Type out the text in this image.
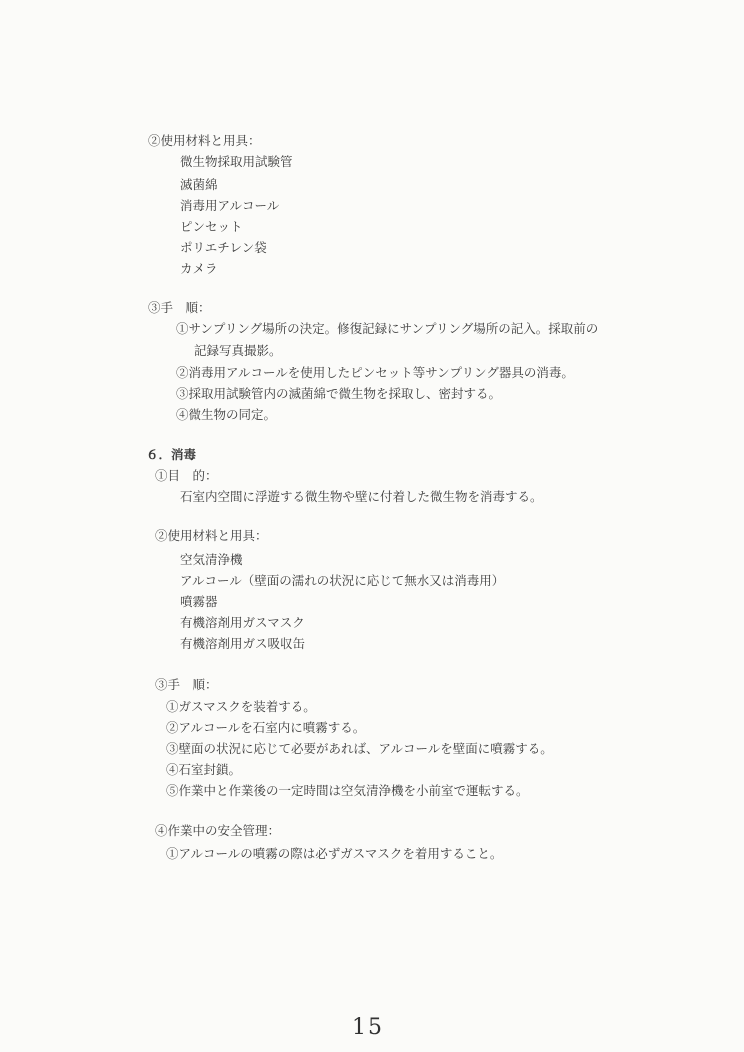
②使用材料と用具：
微生物採取用試験管
滅菌綿
消毒用アルコール
ピンセット
ポリエチレン袋
カメラ
③手　順：
①サンプリング場所の決定。修復記録にサンプリング場所の記入。採取前の
記録写真撮影。
②消毒用アルコールを使用したピンセット等サンプリング器具の消毒。
③採取用試験管内の滅菌綿で微生物を採取し、密封する。
④微生物の同定。
６．消毒
①目　的：
石室内空間に浮遊する微生物や壁に付着した微生物を消毒する。
②使用材料と用具：
空気清浄機
アルコール（壁面の濡れの状況に応じて無水又は消毒用）
噴霧器
有機溶剤用ガスマスク
有機溶剤用ガス吸収缶
③手　順：
①ガスマスクを装着する。
②アルコールを石室内に噴霧する。
③壁面の状況に応じて必要があれば、アルコールを壁面に噴霧する。
④石室封鎖。
⑤作業中と作業後の一定時間は空気清浄機を小前室で運転する。
④作業中の安全管理：
①アルコールの噴霧の際は必ずガスマスクを着用すること。
15
